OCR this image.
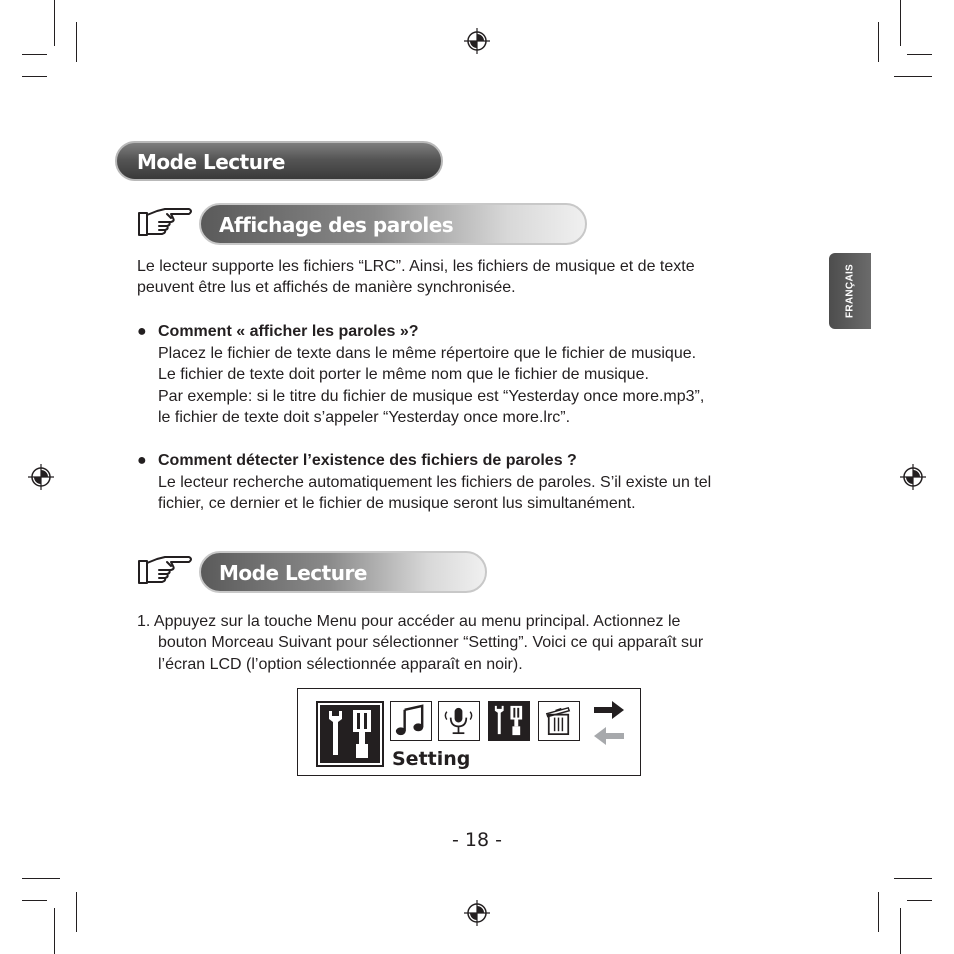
Mode Lecture
FRANÇAIS
Affichage des paroles
Le lecteur supporte les fichiers “LRC”. Ainsi, les fichiers de musique et de texte
peuvent être lus et affichés de manière synchronisée.
● Comment « afficher les paroles »?
Placez le fichier de texte dans le même répertoire que le fichier de musique.
Le fichier de texte doit porter le même nom que le fichier de musique.
Par exemple: si le titre du fichier de musique est “Yesterday once more.mp3”,
le fichier de texte doit s’appeler “Yesterday once more.lrc”.
● Comment détecter l’existence des fichiers de paroles ?
Le lecteur recherche automatiquement les fichiers de paroles. S’il existe un tel
fichier, ce dernier et le fichier de musique seront lus simultanément.
Mode Lecture
1. Appuyez sur la touche Menu pour accéder au menu principal. Actionnez le
bouton Morceau Suivant pour sélectionner “Setting”. Voici ce qui apparaît sur
l’écran LCD (l’option sélectionnée apparaît en noir).
Setting
- 18 -
